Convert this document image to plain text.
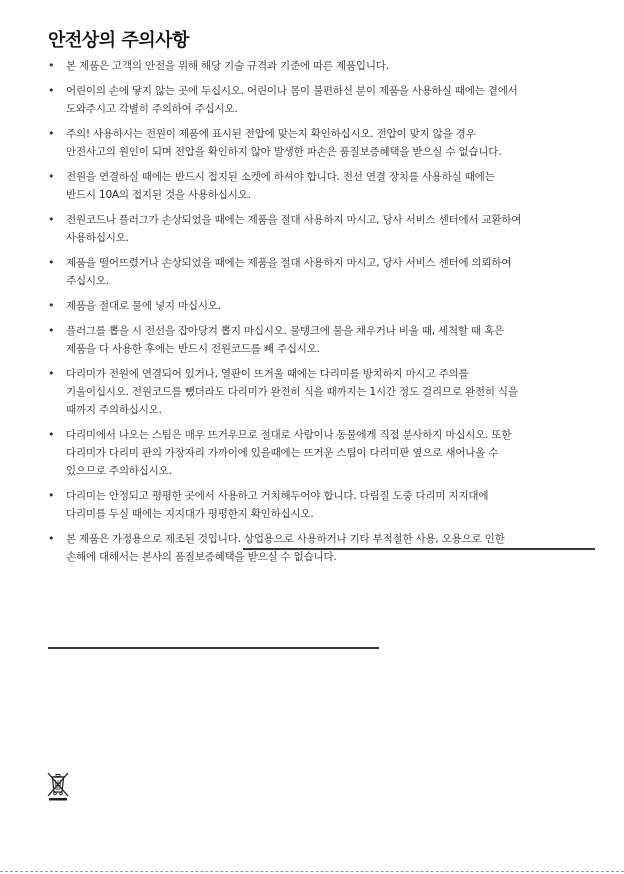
안전상의 주의사항
• 본 제품은 고객의 안전을 위해 해당 기술 규격과 기준에 따른 제품입니다.
• 어린이의 손에 닿지 않는 곳에 두십시오. 어린이나 몸이 불편하신 분이 제품을 사용하실 때에는 곁에서 도와주시고 각별히 주의하여 주십시오.
• 주의! 사용하시는 전원이 제품에 표시된 전압에 맞는지 확인하십시오. 전압이 맞지 않을 경우 안전사고의 원인이 되며 전압을 확인하지 않아 발생한 파손은 품질보증혜택을 받으실 수 없습니다.
• 전원을 연결하실 때에는 반드시 접지된 소켓에 하셔야 합니다. 전선 연결 장치를 사용하실 때에는 반드시 10A의 접지된 것을 사용하십시오.
• 전원코드나 플러그가 손상되었을 때에는 제품을 절대 사용하지 마시고, 당사 서비스 센터에서 교환하여 사용하십시오.
• 제품을 떨어뜨렸거나 손상되었을 때에는 제품을 절대 사용하지 마시고, 당사 서비스 센터에 의뢰하여 주십시오.
• 제품을 절대로 물에 넣지 마십시오.
• 플러그를 뽑을 시 전선을 잡아당겨 뽑지 마십시오. 물탱크에 물을 채우거나 비울 때, 세척할 때 혹은 제품을 다 사용한 후에는 반드시 전원코드를 빼 주십시오.
• 다리미가 전원에 연결되어 있거나, 열판이 뜨거울 때에는 다리미를 방치하지 마시고 주의를 기울이십시오. 전원코드를 뺐더라도 다리미가 완전히 식을 때까지는 1시간 정도 걸리므로 완전히 식을 때까지 주의하십시오.
• 다리미에서 나오는 스팀은 매우 뜨거우므로 절대로 사람이나 동물에게 직접 분사하지 마십시오. 또한 다리미가 다리미 판의 가장자리 가까이에 있을때에는 뜨거운 스팀이 다리미판 옆으로 새어나올 수 있으므로 주의하십시오.
• 다리미는 안정되고 평평한 곳에서 사용하고 거치해두어야 합니다. 다림질 도중 다리미 지지대에 다리미를 두실 때에는 지지대가 평평한지 확인하십시오.
• 본 제품은 가정용으로 제조된 것입니다. 상업용으로 사용하거나 기타 부적절한 사용, 오용으로 인한 손해에 대해서는 본사의 품질보증혜택을 받으실 수 없습니다.
